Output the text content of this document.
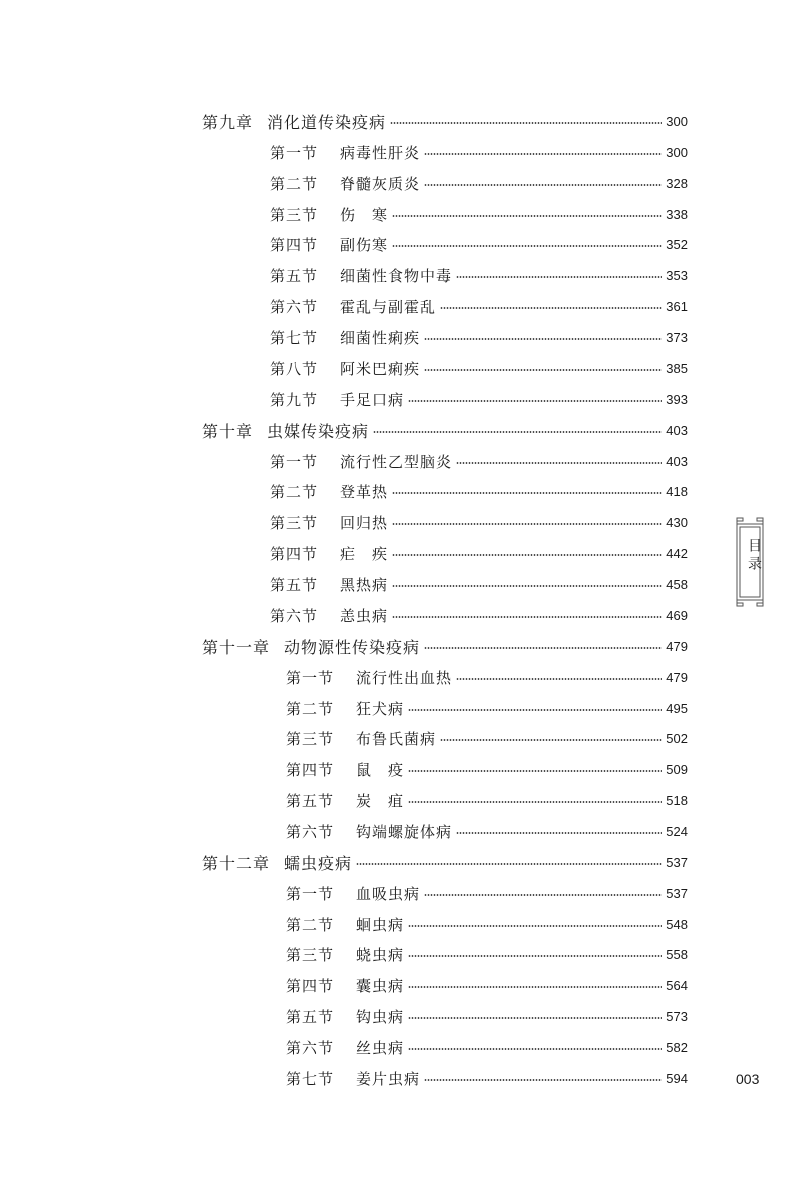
第九章 消化道传染疫病	300
第一节 病毒性肝炎	300
第二节 脊髓灰质炎	328
第三节 伤　寒	338
第四节 副伤寒	352
第五节 细菌性食物中毒	353
第六节 霍乱与副霍乱	361
第七节 细菌性痢疾	373
第八节 阿米巴痢疾	385
第九节 手足口病	393
第十章 虫媒传染疫病	403
第一节 流行性乙型脑炎	403
第二节 登革热	418
第三节 回归热	430
第四节 疟　疾	442
第五节 黑热病	458
第六节 恙虫病	469
第十一章 动物源性传染疫病	479
第一节 流行性出血热	479
第二节 狂犬病	495
第三节 布鲁氏菌病	502
第四节 鼠　疫	509
第五节 炭　疽	518
第六节 钩端螺旋体病	524
第十二章 蠕虫疫病	537
第一节 血吸虫病	537
第二节 蛔虫病	548
第三节 蛲虫病	558
第四节 囊虫病	564
第五节 钩虫病	573
第六节 丝虫病	582
第七节 姜片虫病	594
目录
003
